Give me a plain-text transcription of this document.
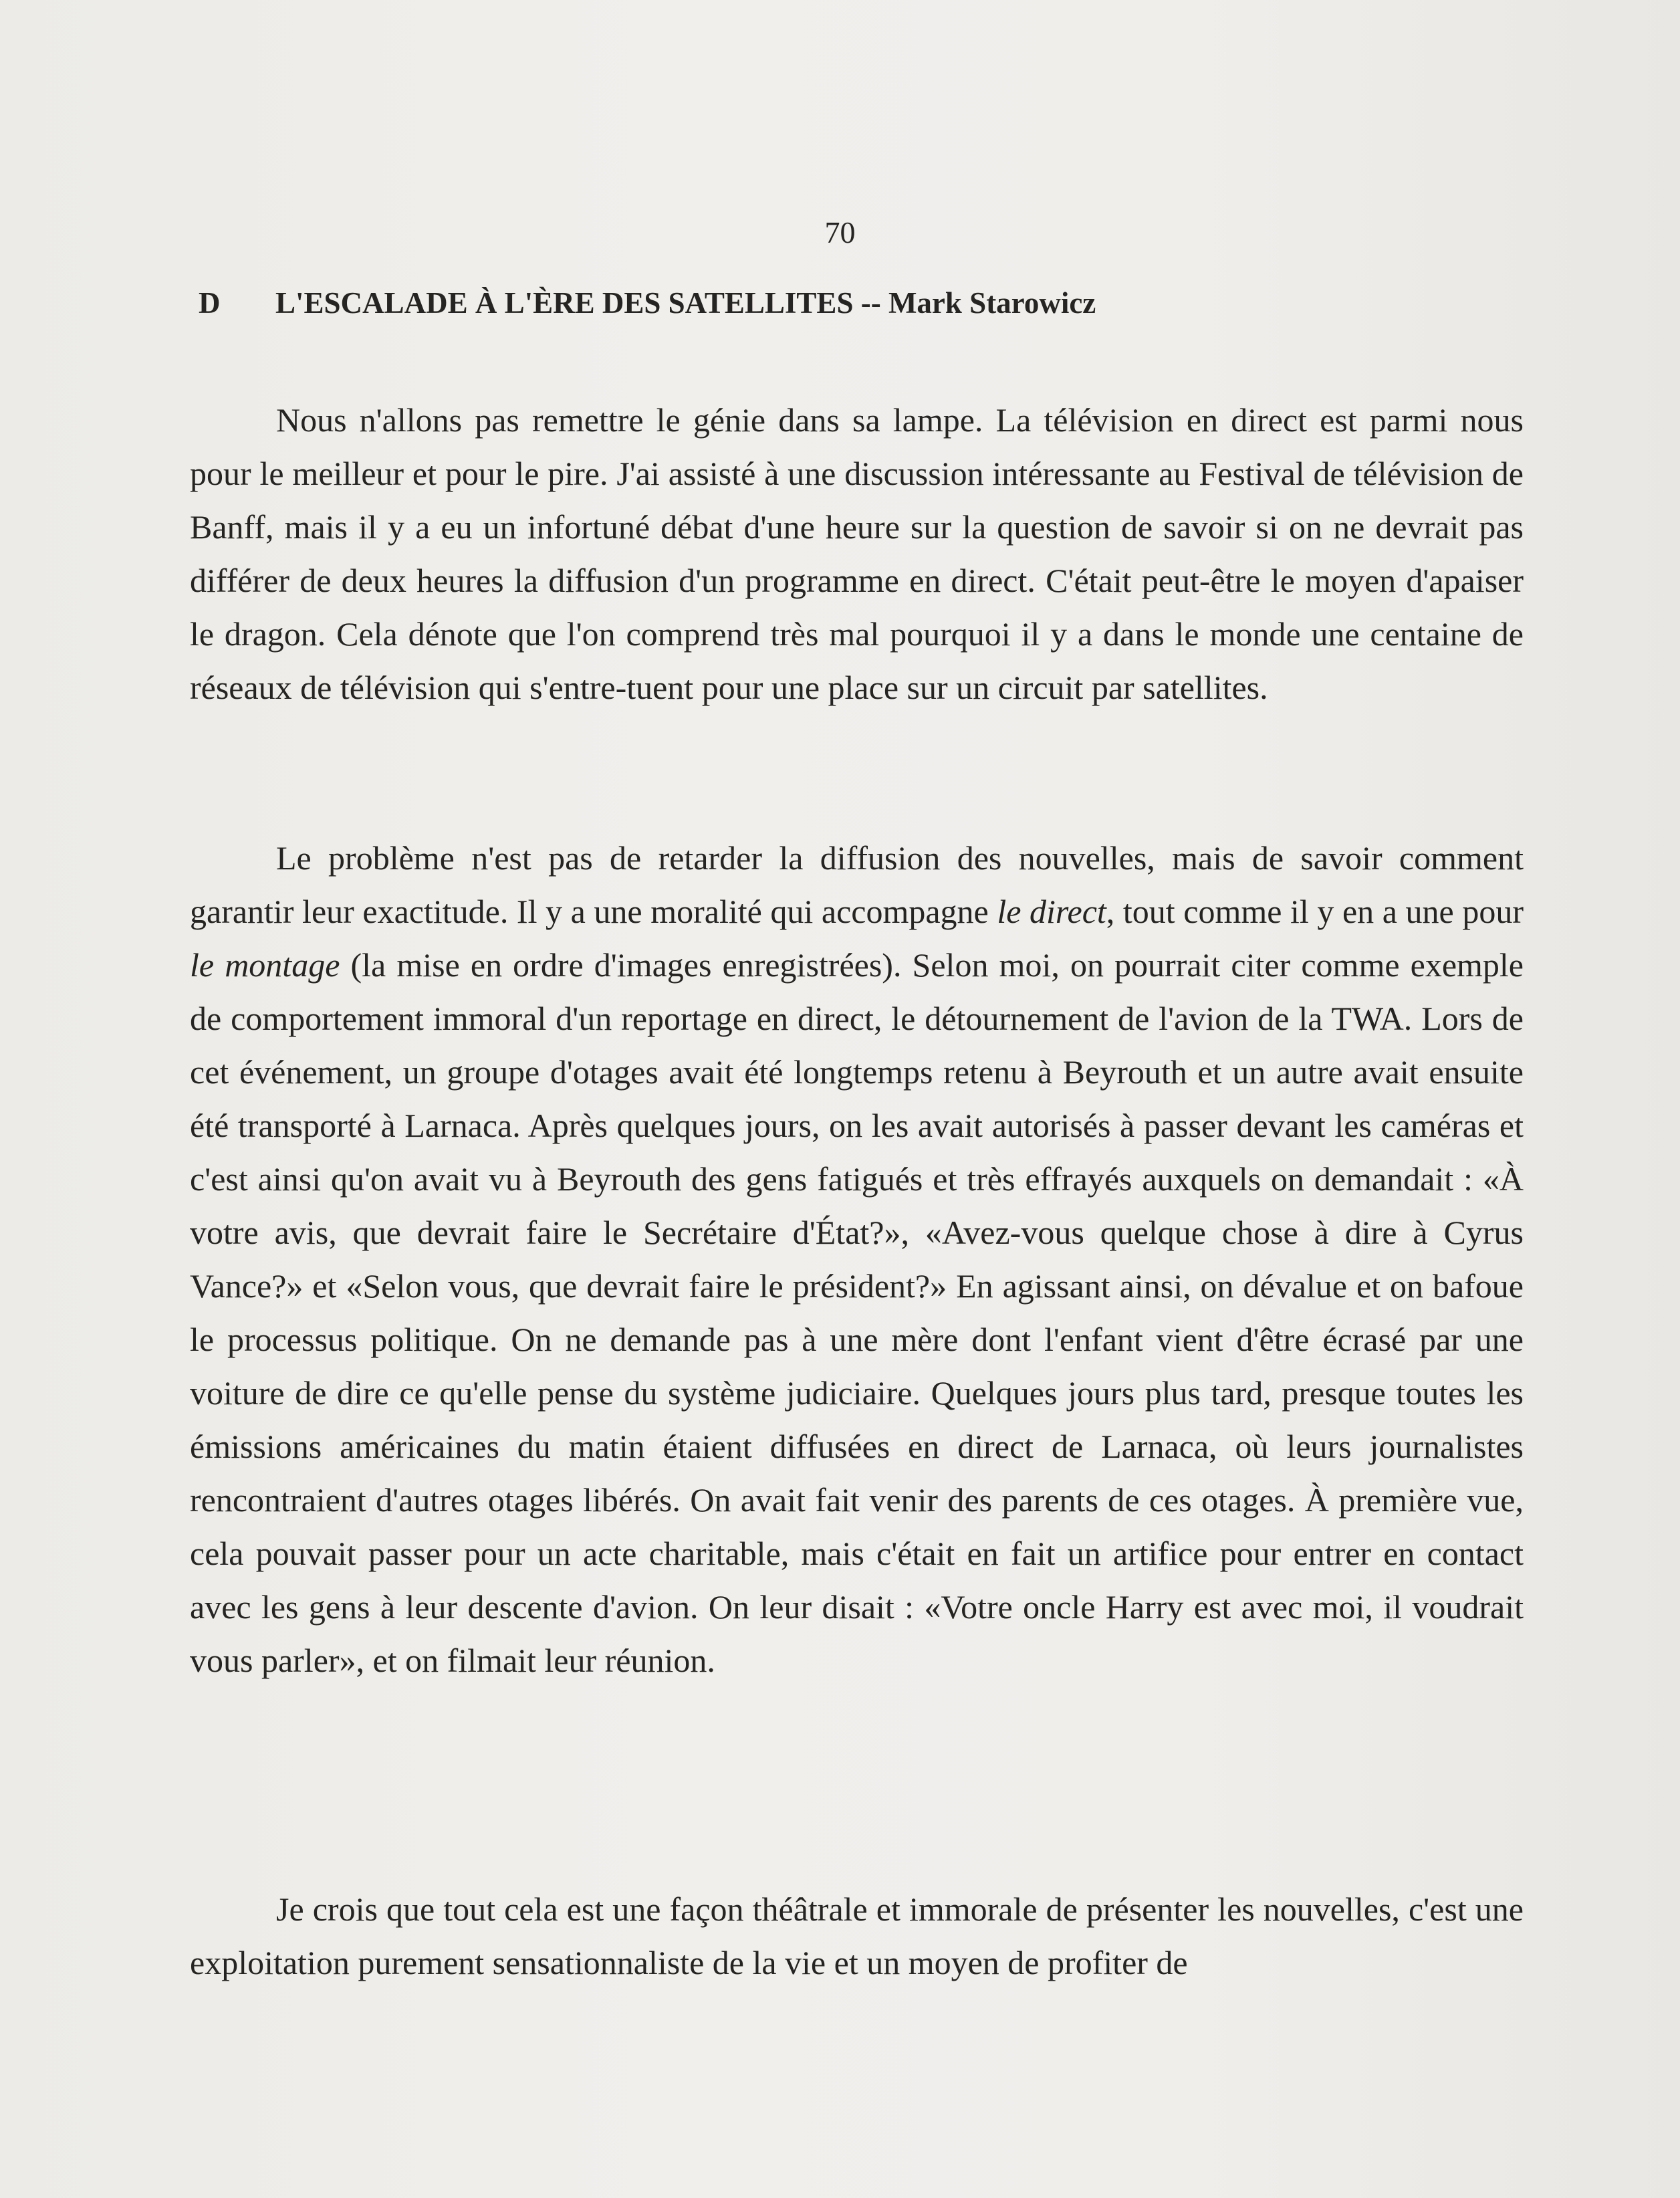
70
D L'ESCALADE À L'ÈRE DES SATELLITES -- Mark Starowicz

Nous n'allons pas remettre le génie dans sa lampe. La télévision en direct est parmi nous pour le meilleur et pour le pire. J'ai assisté à une discussion intéressante au Festival de télévision de Banff, mais il y a eu un infortuné débat d'une heure sur la question de savoir si on ne devrait pas différer de deux heures la diffusion d'un programme en direct. C'était peut-être le moyen d'apaiser le dragon. Cela dénote que l'on comprend très mal pourquoi il y a dans le monde une centaine de réseaux de télévision qui s'entre-tuent pour une place sur un circuit par satellites.

Le problème n'est pas de retarder la diffusion des nouvelles, mais de savoir comment garantir leur exactitude. Il y a une moralité qui accompagne le direct, tout comme il y en a une pour le montage (la mise en ordre d'images enregistrées). Selon moi, on pourrait citer comme exemple de comportement immoral d'un reportage en direct, le détournement de l'avion de la TWA. Lors de cet événement, un groupe d'otages avait été longtemps retenu à Beyrouth et un autre avait ensuite été transporté à Larnaca. Après quelques jours, on les avait autorisés à passer devant les caméras et c'est ainsi qu'on avait vu à Beyrouth des gens fatigués et très effrayés auxquels on demandait : «À votre avis, que devrait faire le Secrétaire d'État?», «Avez-vous quelque chose à dire à Cyrus Vance?» et «Selon vous, que devrait faire le président?» En agissant ainsi, on dévalue et on bafoue le processus politique. On ne demande pas à une mère dont l'enfant vient d'être écrasé par une voiture de dire ce qu'elle pense du système judiciaire. Quelques jours plus tard, presque toutes les émissions américaines du matin étaient diffusées en direct de Larnaca, où leurs journalistes rencontraient d'autres otages libérés. On avait fait venir des parents de ces otages. À première vue, cela pouvait passer pour un acte charitable, mais c'était en fait un artifice pour entrer en contact avec les gens à leur descente d'avion. On leur disait : «Votre oncle Harry est avec moi, il voudrait vous parler», et on filmait leur réunion.

Je crois que tout cela est une façon théâtrale et immorale de présenter les nouvelles, c'est une exploitation purement sensationnaliste de la vie et un moyen de profiter de
